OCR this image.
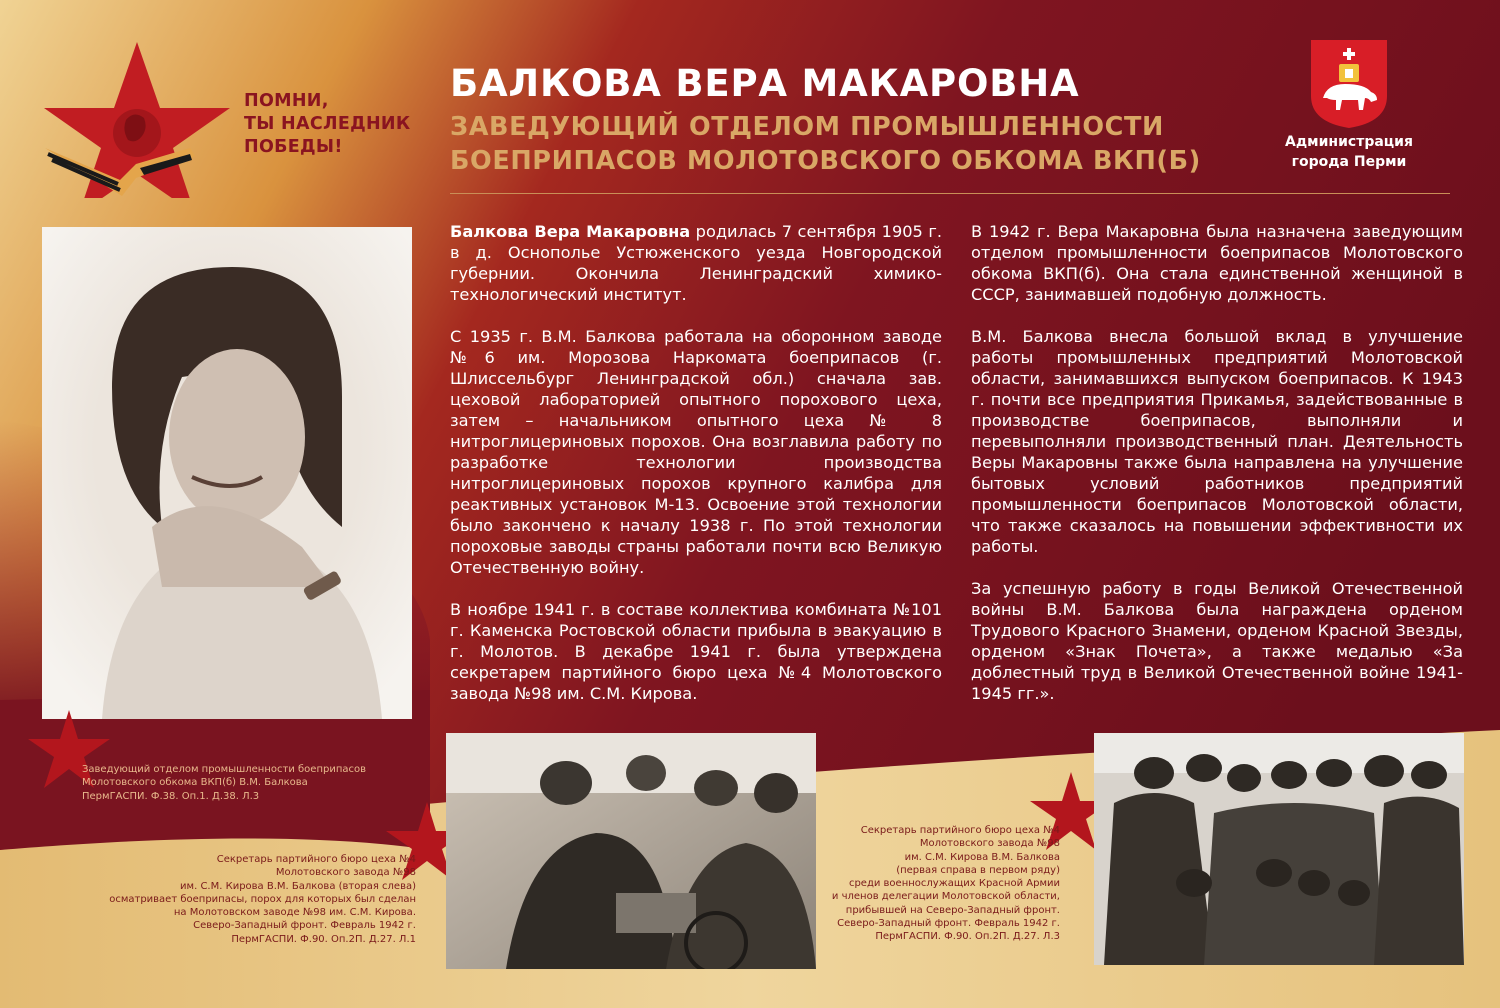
ПОМНИ,
ТЫ НАСЛЕДНИК
ПОБЕДЫ!
БАЛКОВА ВЕРА МАКАРОВНА
ЗАВЕДУЮЩИЙ ОТДЕЛОМ ПРОМЫШЛЕННОСТИ
БОЕПРИПАСОВ МОЛОТОВСКОГО ОБКОМА ВКП(Б)
Администрация
города Перми
Заведующий отделом промышленности боеприпасов
Молотовского обкома ВКП(б) В.М. Балкова
ПермГАСПИ. Ф.38. Оп.1. Д.38. Л.3

Балкова Вера Макаровна родилась 7 сентября 1905 г. в д. Оснополье Устюженского уезда Новгородской губернии. Окончила Ленинградский химико-технологический институт.

С 1935 г. В.М. Балкова работала на оборонном заводе №6 им. Морозова Наркомата боеприпасов (г. Шлиссельбург Ленинградской обл.) сначала зав. цеховой лабораторией опытного порохового цеха, затем – начальником опытного цеха № 8 нитроглицериновых порохов. Она возглавила работу по разработке технологии производства нитроглицериновых порохов крупного калибра для реактивных установок М-13. Освоение этой технологии было закончено к началу 1938 г. По этой технологии пороховые заводы страны работали почти всю Великую Отечественную войну.

В ноябре 1941 г. в составе коллектива комбината №101 г. Каменска Ростовской области прибыла в эвакуацию в г. Молотов. В декабре 1941 г. была утверждена секретарем партийного бюро цеха №4 Молотовского завода №98 им. С.М. Кирова.

В 1942 г. Вера Макаровна была назначена заведующим отделом промышленности боеприпасов Молотовского обкома ВКП(б). Она стала единственной женщиной в СССР, занимавшей подобную должность.

В.М. Балкова внесла большой вклад в улучшение работы промышленных предприятий Молотовской области, занимавшихся выпуском боеприпасов. К 1943 г. почти все предприятия Прикамья, задействованные в производстве боеприпасов, выполняли и перевыполняли производственный план. Деятельность Веры Макаровны также была направлена на улучшение бытовых условий работников предприятий промышленности боеприпасов Молотовской области, что также сказалось на повышении эффективности их работы.

За успешную работу в годы Великой Отечественной войны В.М. Балкова была награждена орденом Трудового Красного Знамени, орденом Красной Звезды, орденом «Знак Почета», а также медалью «За доблестный труд в Великой Отечественной войне 1941-1945 гг.».

Секретарь партийного бюро цеха №4
Молотовского завода №98
им. С.М. Кирова В.М. Балкова (вторая слева)
осматривает боеприпасы, порох для которых был сделан
на Молотовском заводе №98 им. С.М. Кирова.
Северо-Западный фронт. Февраль 1942 г.
ПермГАСПИ. Ф.90. Оп.2П. Д.27. Л.1
Секретарь партийного бюро цеха №4
Молотовского завода №98
им. С.М. Кирова В.М. Балкова
(первая справа в первом ряду)
среди военнослужащих Красной Армии
и членов делегации Молотовской области,
прибывшей на Северо-Западный фронт.
Северо-Западный фронт. Февраль 1942 г.
ПермГАСПИ. Ф.90. Оп.2П. Д.27. Л.3
